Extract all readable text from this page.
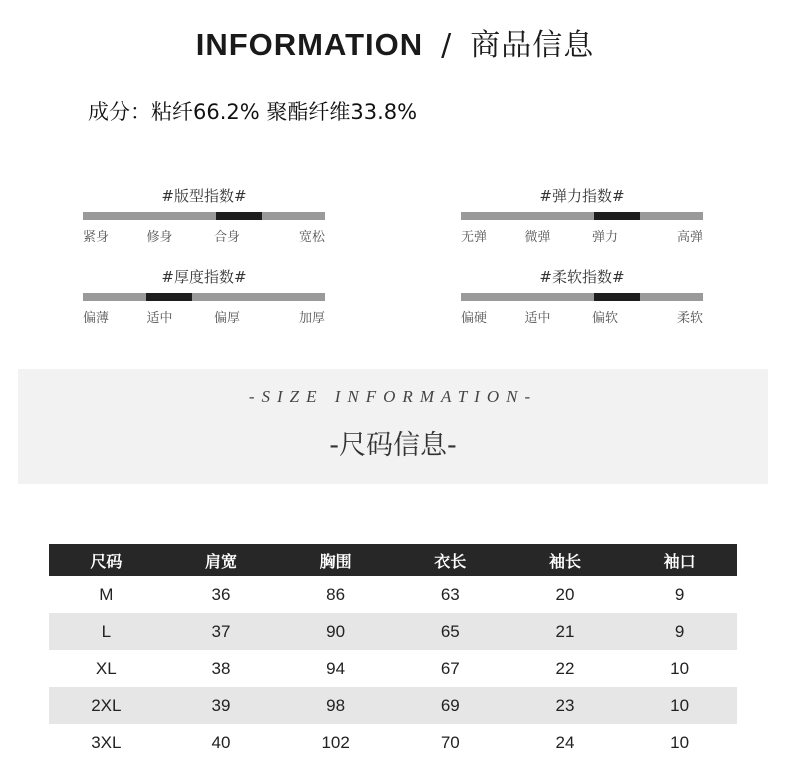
INFORMATION / 商品信息
成分：粘纤66.2% 聚酯纤维33.8%
#版型指数#
紧身	修身	合身	宽松
#弹力指数#
无弹	微弹	弹力	高弹
#厚度指数#
偏薄	适中	偏厚	加厚
#柔软指数#
偏硬	适中	偏软	柔软
-SIZE INFORMATION-
-尺码信息-
尺码	肩宽	胸围	衣长	袖长	袖口
M	36	86	63	20	9
L	37	90	65	21	9
XL	38	94	67	22	10
2XL	39	98	69	23	10
3XL	40	102	70	24	10
